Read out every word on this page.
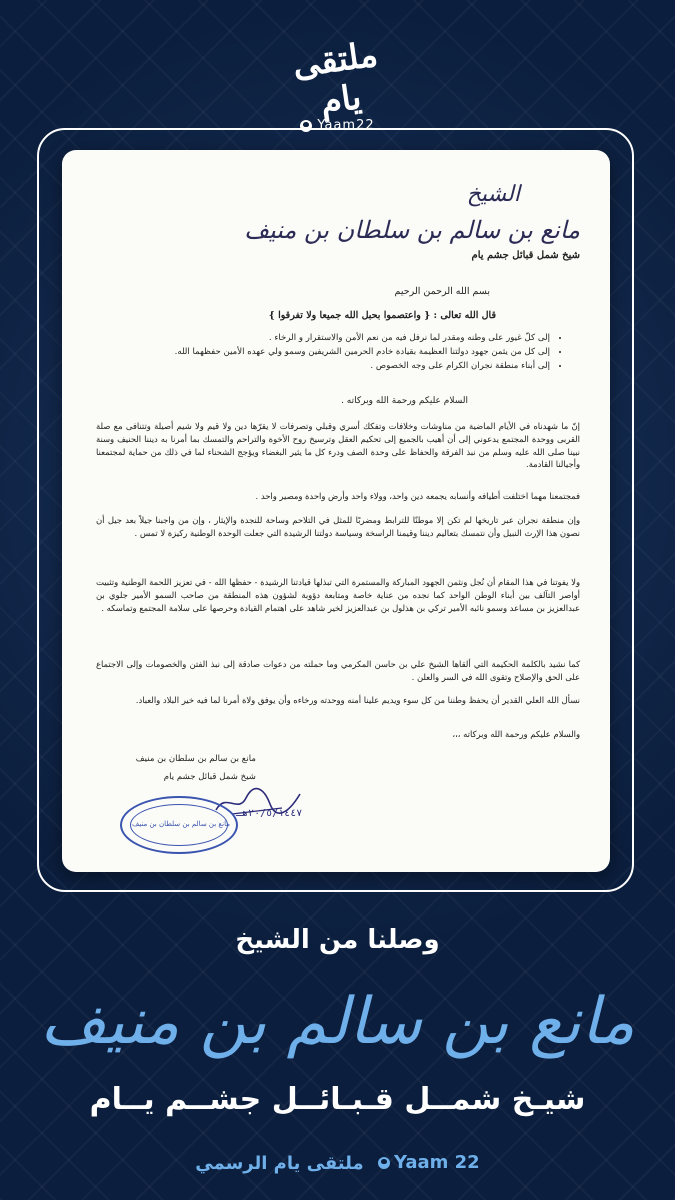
ملتقى يام
Yaam22
الشيخ
مانع بن سالم بن سلطان بن منيف
شيخ شمل قبائل جشم يام
بسم الله الرحمن الرحيم
قال الله تعالى : { واعتصموا بحبل الله جميعا ولا تفرقوا }
• إلى كلّ غيور على وطنه ومقدر لما نرفل فيه من نعم الأمن والاستقرار و الرخاء .
• إلى كل من يثمن جهود دولتنا العظيمة بقيادة خادم الحرمين الشريفين وسمو ولي عهده الأمين حفظهما الله.
• إلى أبناء منطقة نجران الكرام على وجه الخصوص .
السلام عليكم ورحمة الله وبركاته .

إنّ ما شهدناه في الأيام الماضية من مناوشات وخلافات وتفكك أسري وقبلي وتصرفات لا يقرّها دين ولا قيم ولا شيم أصيلة وتتنافى مع صلة القربى ووحدة المجتمع يدعوني إلى أن أهيب بالجميع إلى تحكيم العقل وترسيخ روح الأخوة والتراحم والتمسك بما أمرنا به ديننا الحنيف وسنة نبينا صلى الله عليه وسلم من نبذ الفرقة والحفاظ على وحدة الصف ودرء كل ما يثير البغضاء ويؤجج الشحناء لما في ذلك من حماية لمجتمعنا وأجيالنا القادمة.

فمجتمعنا مهما اختلفت أطيافه وأنسابه يجمعه دين واحد، وولاء واحد وأرض واحدة ومصير واحد .

وإن منطقة نجران عبر تاريخها لم تكن إلا موطنًا للترابط ومضربًا للمثل في التلاحم وساحة للنجدة والإيثار ، وإن من واجبنا جيلاً بعد جيل أن نصون هذا الإرث النبيل وأن نتمسك بتعاليم ديننا وقيمنا الراسخة وسياسة دولتنا الرشيدة التي جعلت الوحدة الوطنية ركيزة لا تمس .

ولا يفوتنا في هذا المقام أن نُجل ونثمن الجهود المباركة والمستمرة التي تبذلها قيادتنا الرشيدة - حفظها الله - في تعزيز اللحمة الوطنية وتثبيت أواصر التآلف بين أبناء الوطن الواحد كما نجده من عناية خاصة ومتابعة دؤوبة لشؤون هذه المنطقة من صاحب السمو الأمير جلوي بن عبدالعزيز بن مساعد وسمو نائبه الأمير تركي بن هذلول بن عبدالعزيز لخير شاهد على اهتمام القيادة وحرصها على سلامة المجتمع وتماسكه .

كما نشيد بالكلمة الحكيمة التي ألقاها الشيخ علي بن حاسن المكرمي وما حملته من دعوات صادقة إلى نبذ الفتن والخصومات وإلى الاجتماع على الحق والإصلاح وتقوى الله في السر والعلن .

نسأل الله العلي القدير أن يحفظ وطننا من كل سوء ويديم علينا أمنه ووحدته ورخاءه وأن يوفق ولاة أمرنا لما فيه خير البلاد والعباد.

والسلام عليكم ورحمة الله وبركاته ،،،

مانع بن سالم بن سلطان بن منيف
شيخ شمل قبائل جشم يام
٢٠/٥/١٤٤٧هـ
مانع بن سالم بن سلطان بن منيف
وصلنا من الشيخ
مانع بن سالم بن منيف
شيـخ شمــل قـبـائــل جشــم يــام
ملتقى يام الرسمي Yaam 22
